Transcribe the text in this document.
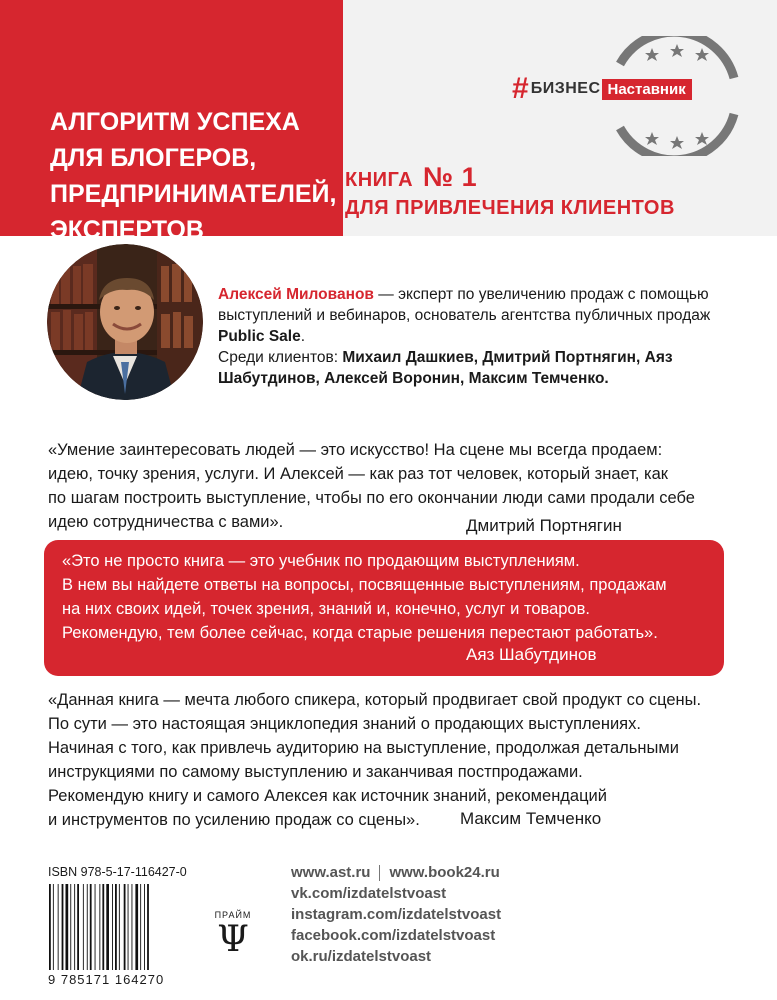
АЛГОРИТМ УСПЕХА
ДЛЯ БЛОГЕРОВ,
ПРЕДПРИНИМАТЕЛЕЙ,
ЭКСПЕРТОВ
# БИЗНЕС Наставник
КНИГА № 1
ДЛЯ ПРИВЛЕЧЕНИЯ КЛИЕНТОВ
Алексей Милованов — эксперт по увеличению продаж с помощью выступлений и вебинаров, основатель агентства публичных продаж Public Sale.
Среди клиентов: Михаил Дашкиев, Дмитрий Портнягин, Аяз Шабутдинов, Алексей Воронин, Максим Темченко.
«Умение заинтересовать людей — это искусство! На сцене мы всегда продаем:
идею, точку зрения, услуги. И Алексей — как раз тот человек, который знает, как
по шагам построить выступление, чтобы по его окончании люди сами продали себе
идею сотрудничества с вами».	Дмитрий Портнягин
«Это не просто книга — это учебник по продающим выступлениям.
В нем вы найдете ответы на вопросы, посвященные выступлениям, продажам
на них своих идей, точек зрения, знаний и, конечно, услуг и товаров.
Рекомендую, тем более сейчас, когда старые решения перестают работать».
Аяз Шабутдинов
«Данная книга — мечта любого спикера, который продвигает свой продукт со сцены.
По сути — это настоящая энциклопедия знаний о продающих выступлениях.
Начиная с того, как привлечь аудиторию на выступление, продолжая детальными
инструкциями по самому выступлению и заканчивая постпродажами.
Рекомендую книгу и самого Алексея как источник знаний, рекомендаций
и инструментов по усилению продаж со сцены».	Максим Темченко
ISBN 978-5-17-116427-0
9 785171 164270
ПРАЙМ
Ψ
www.ast.ru www.book24.ru
vk.com/izdatelstvoast
instagram.com/izdatelstvoast
facebook.com/izdatelstvoast
ok.ru/izdatelstvoast
